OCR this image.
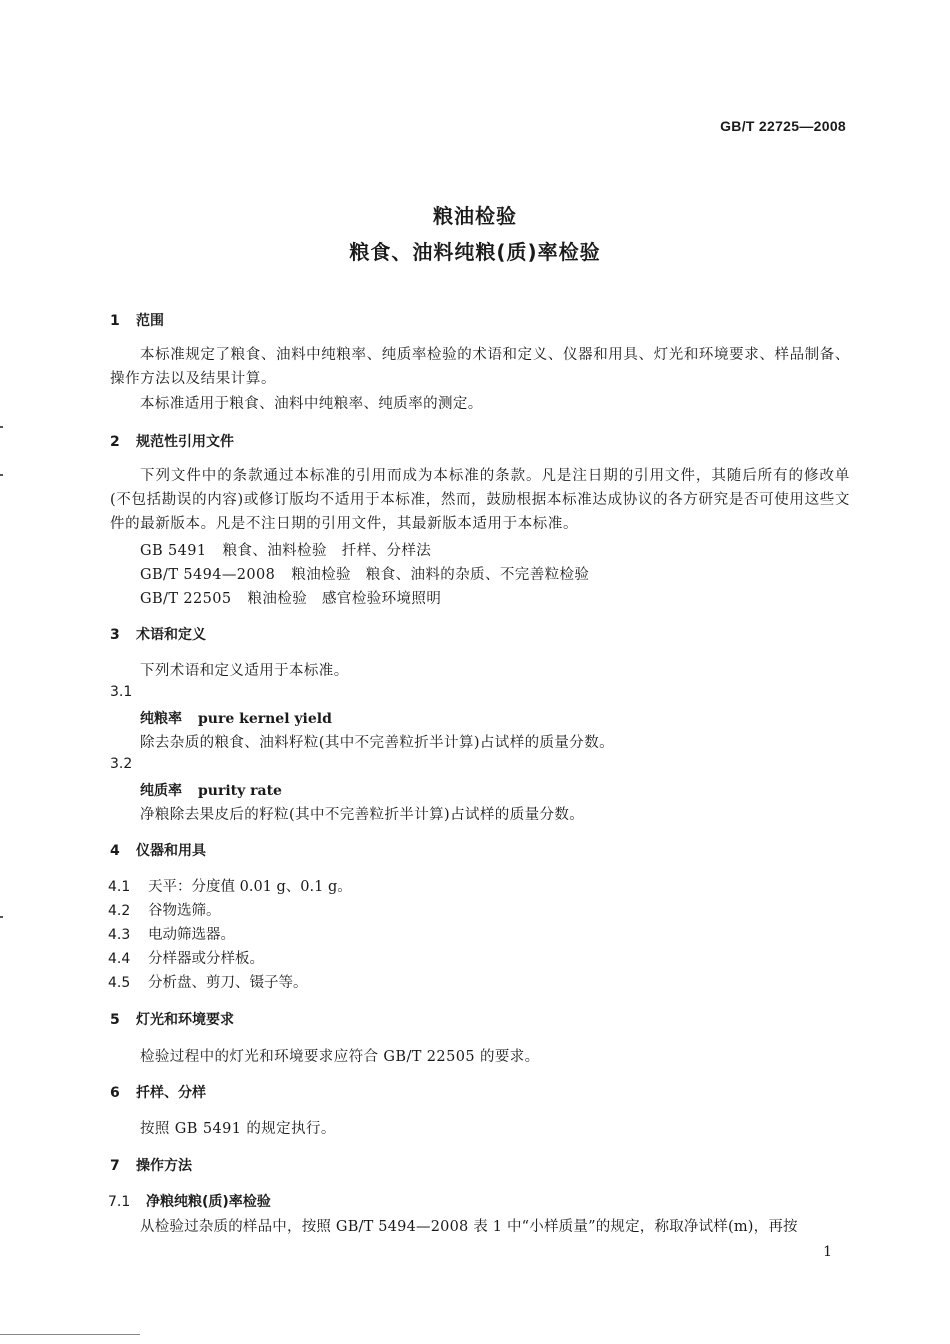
GB/T 22725—2008
粮油检验
粮食、油料纯粮(质)率检验
1 范围
本标准规定了粮食、油料中纯粮率、纯质率检验的术语和定义、仪器和用具、灯光和环境要求、样品制备、操作方法以及结果计算。
本标准适用于粮食、油料中纯粮率、纯质率的测定。
2 规范性引用文件
下列文件中的条款通过本标准的引用而成为本标准的条款。凡是注日期的引用文件，其随后所有的修改单(不包括勘误的内容)或修订版均不适用于本标准，然而，鼓励根据本标准达成协议的各方研究是否可使用这些文件的最新版本。凡是不注日期的引用文件，其最新版本适用于本标准。
GB 5491 粮食、油料检验　扦样、分样法
GB/T 5494—2008 粮油检验　粮食、油料的杂质、不完善粒检验
GB/T 22505 粮油检验　感官检验环境照明
3 术语和定义
下列术语和定义适用于本标准。
3.1
纯粮率 pure kernel yield
除去杂质的粮食、油料籽粒(其中不完善粒折半计算)占试样的质量分数。
3.2
纯质率 purity rate
净粮除去果皮后的籽粒(其中不完善粒折半计算)占试样的质量分数。
4 仪器和用具
4.1 天平：分度值 0.01 g、0.1 g。
4.2 谷物选筛。
4.3 电动筛选器。
4.4 分样器或分样板。
4.5 分析盘、剪刀、镊子等。
5 灯光和环境要求
检验过程中的灯光和环境要求应符合 GB/T 22505 的要求。
6 扦样、分样
按照 GB 5491 的规定执行。
7 操作方法
7.1 净粮纯粮(质)率检验
从检验过杂质的样品中，按照 GB/T 5494—2008 表 1 中“小样质量”的规定，称取净试样(m)，再按
1
